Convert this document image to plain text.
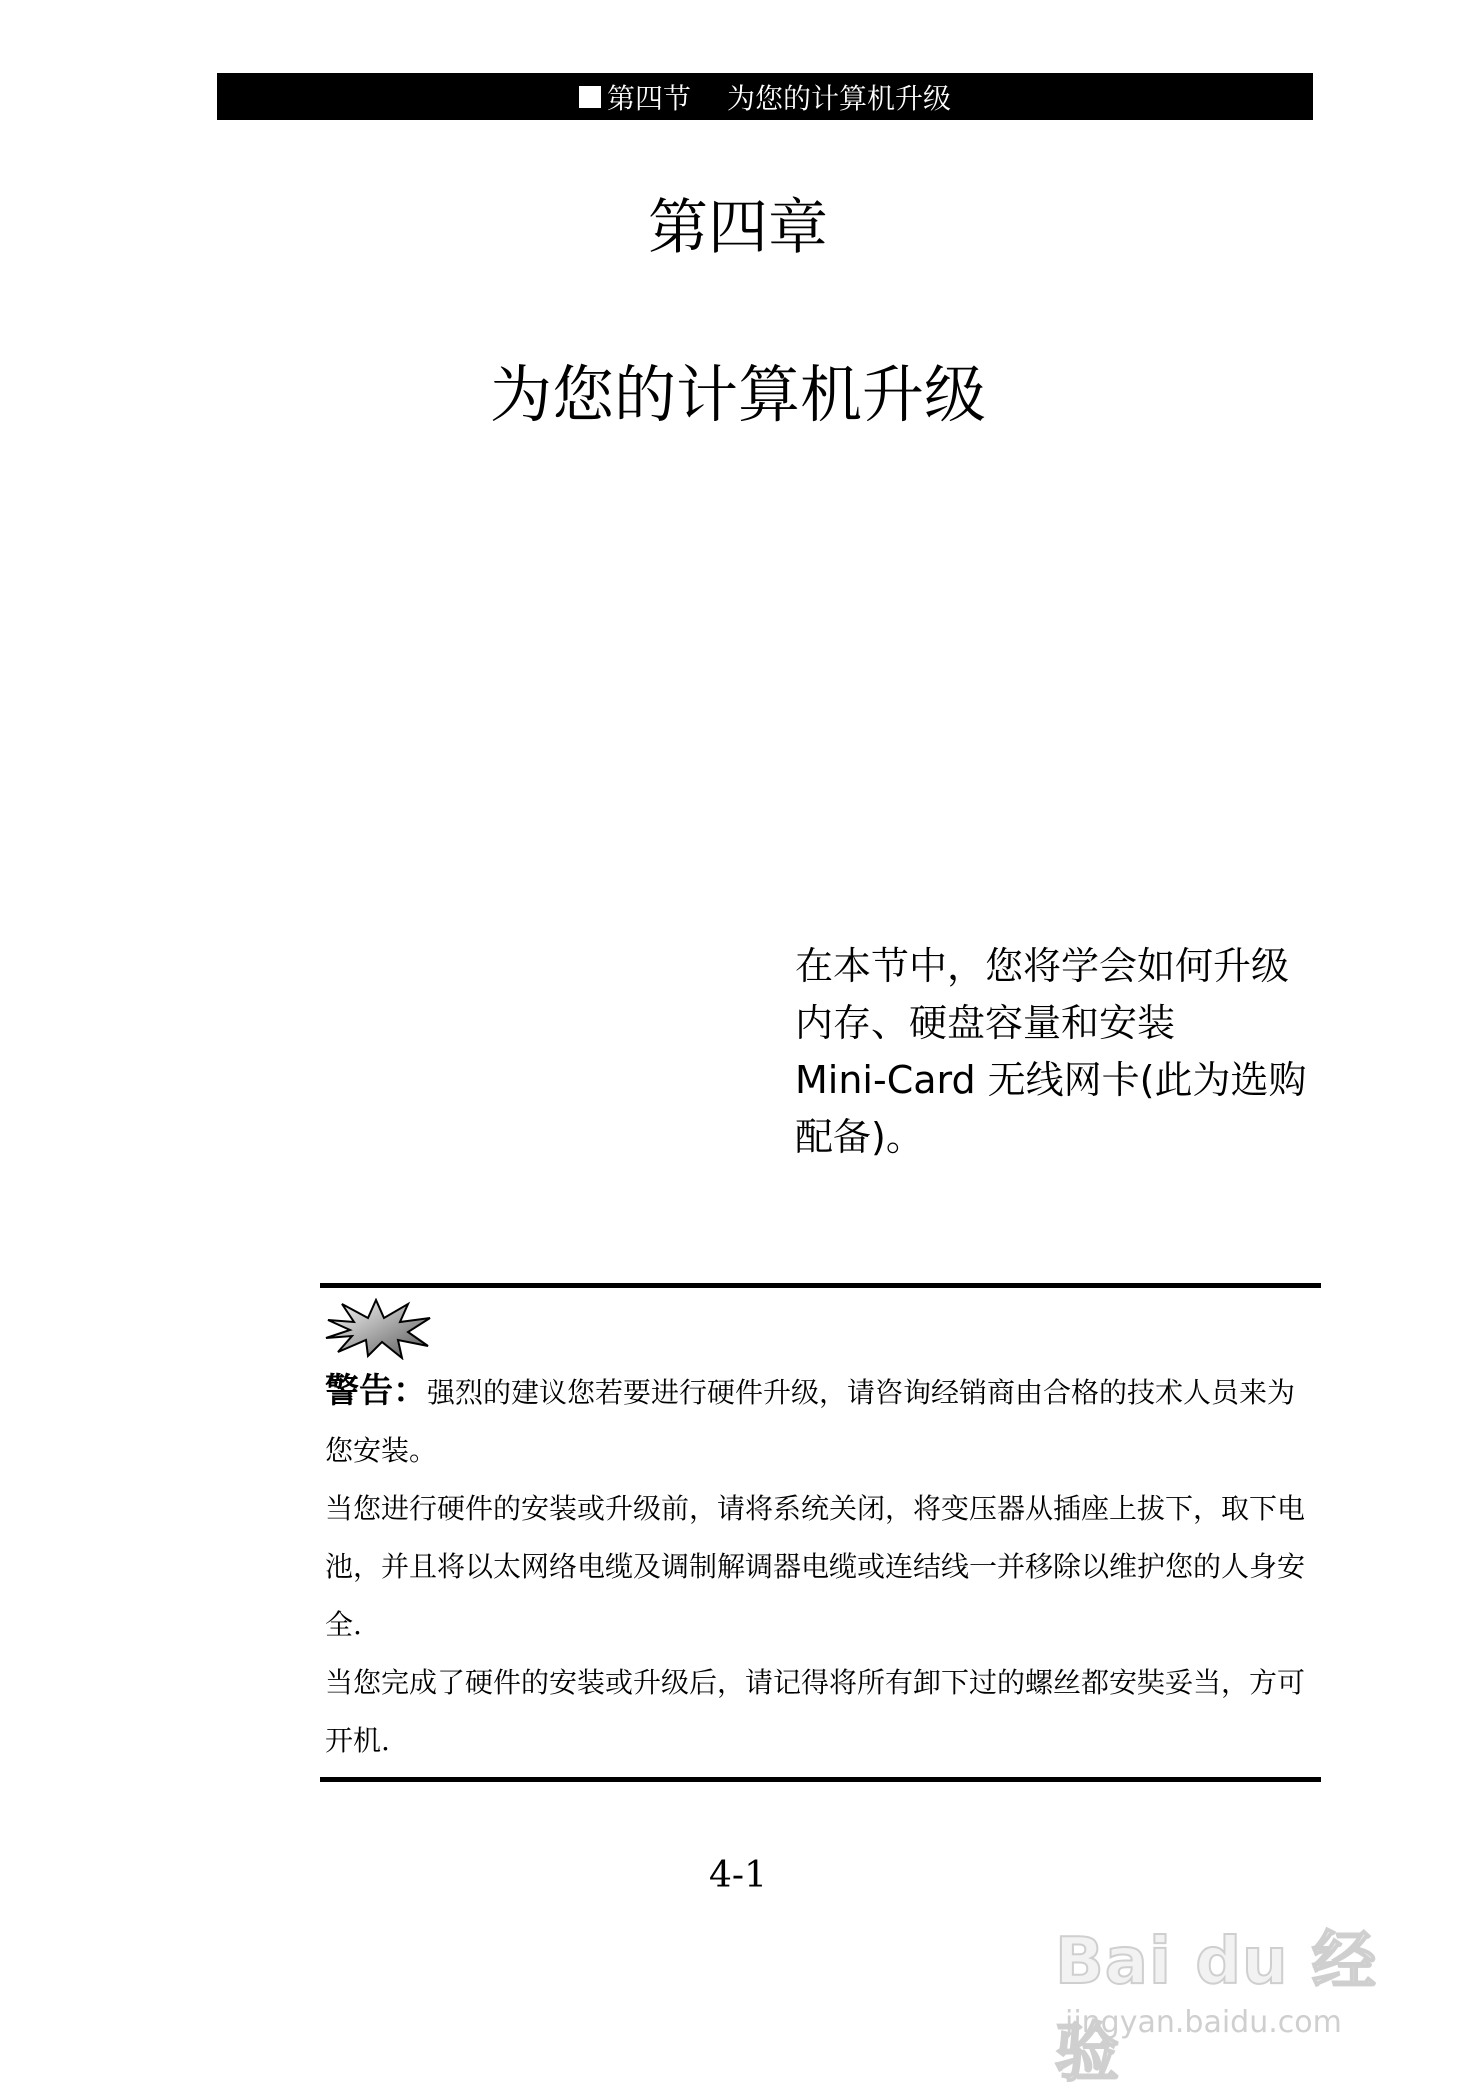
第四节 为您的计算机升级
第四章
为您的计算机升级
在本节中，您将学会如何升级
内存、硬盘容量和安装
Mini-Card 无线网卡(此为选购
配备)。

警告：强烈的建议您若要进行硬件升级，请咨询经销商由合格的技术人员来为您安装。

当您进行硬件的安装或升级前，请将系统关闭，将变压器从插座上拔下，取下电池，并且将以太网络电缆及调制解调器电缆或连结线一并移除以维护您的人身安全.

当您完成了硬件的安装或升级后，请记得将所有卸下过的螺丝都安奘妥当，方可开机.

4-1
Bai du 经验
jingyan.baidu.com
